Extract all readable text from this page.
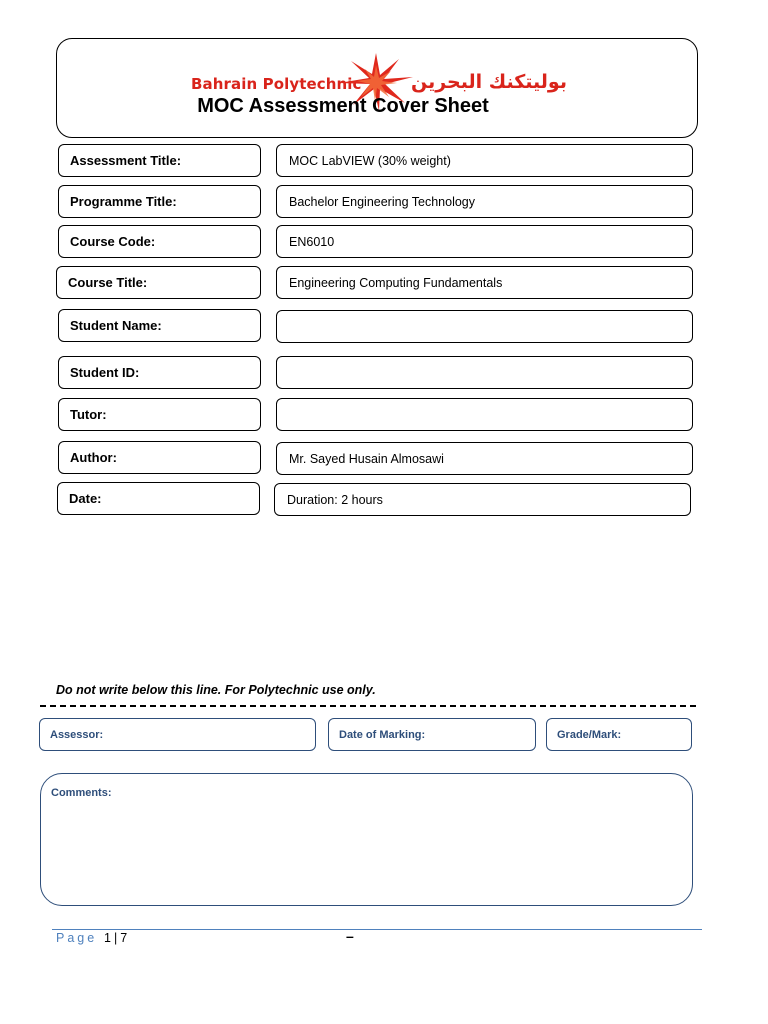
Bahrain Polytechnic	بوليتكنك البحرين
MOC Assessment Cover Sheet
Assessment Title:	MOC LabVIEW (30% weight)
Programme Title:	Bachelor Engineering Technology
Course Code:	EN6010
Course Title:	Engineering Computing Fundamentals
Student Name:
Student ID:
Tutor:
Author:	Mr. Sayed Husain Almosawi
Date:	Duration: 2 hours
Do not write below this line. For Polytechnic use only.
Assessor:	Date of Marking:	Grade/Mark:
Comments:
Page 1 | 7	–
